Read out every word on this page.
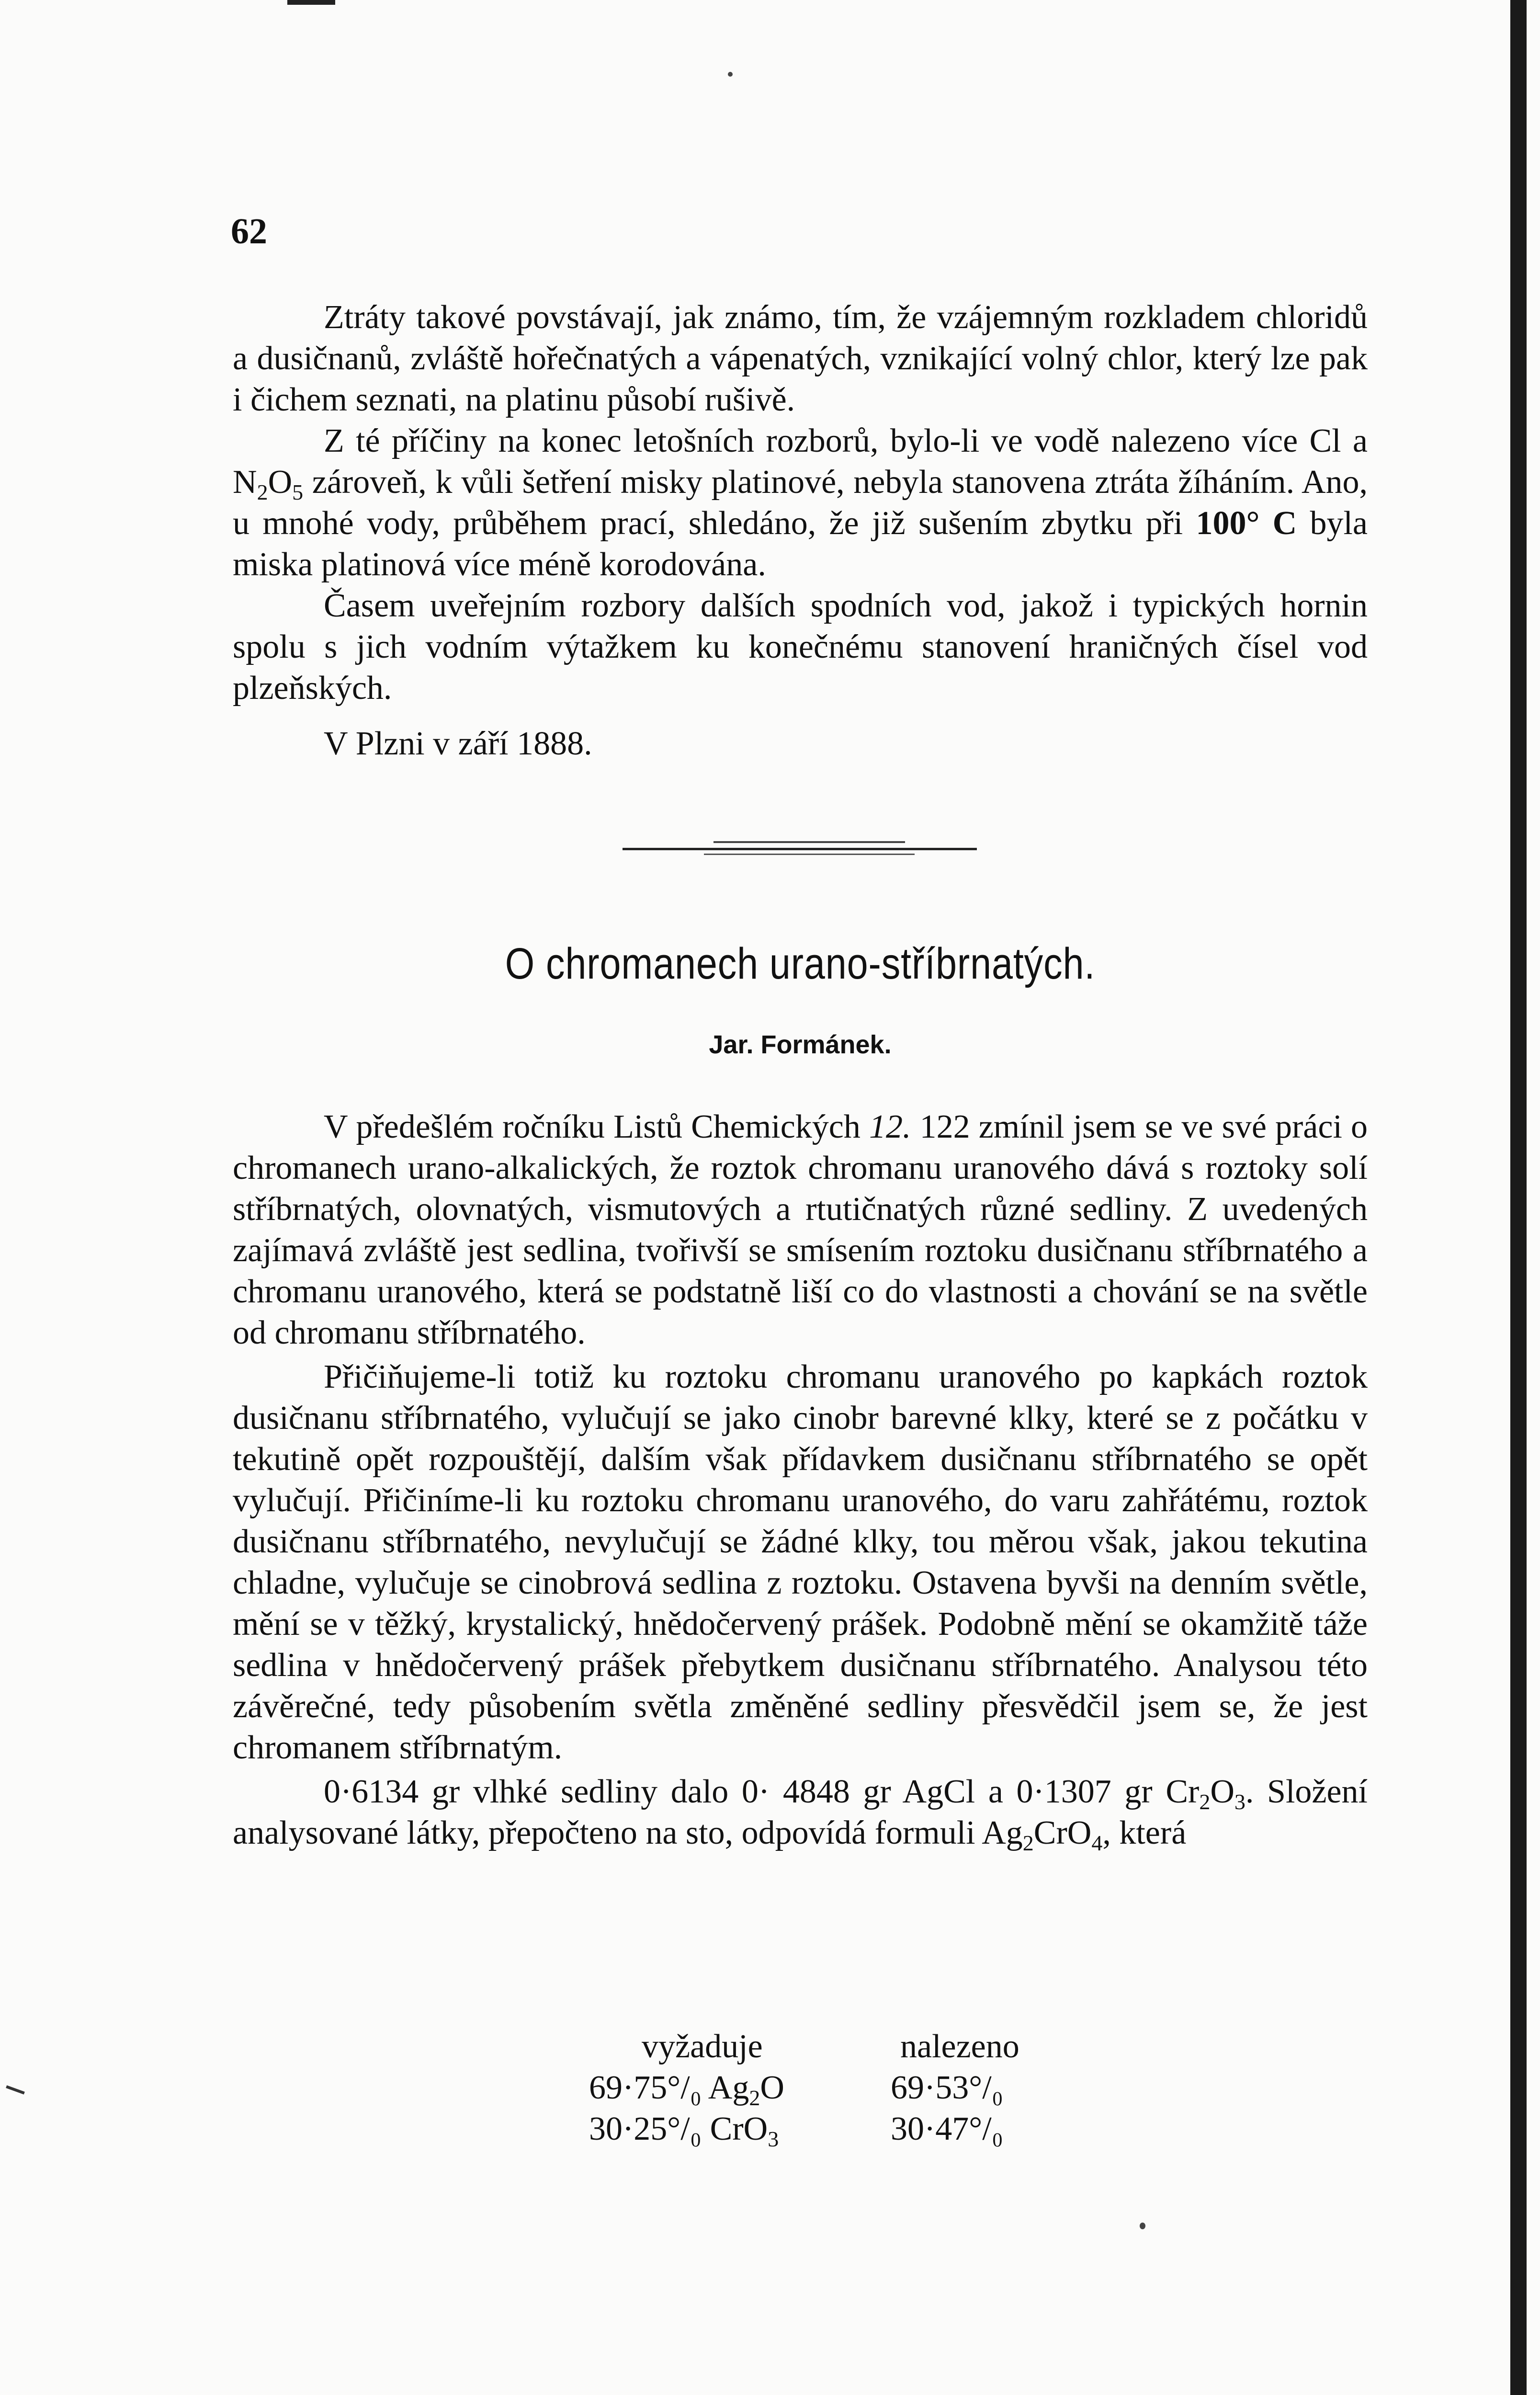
62

Ztráty takové povstávají, jak známo, tím, že vzájemným rozkladem chloridů a dusičnanů, zvláště hořečnatých a vápenatých, vznikající volný chlor, který lze pak i čichem seznati, na platinu působí rušivě.

Z té příčiny na konec letošních rozborů, bylo-li ve vodě nalezeno více Cl a $N_2O_5$ zároveň, k vůli šetření misky platinové, nebyla stanovena ztráta žíháním. Ano, u mnohé vody, průběhem prací, shledáno, že již sušením zbytku při 100° C byla miska platinová více méně korodována.

Časem uveřejním rozbory dalších spodních vod, jakož i typických hornin spolu s jich vodním výtažkem ku konečnému stanovení hraničných čísel vod plzeňských.

V Plzni v září 1888.

O chromanech urano-stříbrnatých.
Jar. Formánek.

V předešlém ročníku Listů Chemických 12. 122 zmínil jsem se ve své práci o chromanech urano-alkalických, že roztok chromanu uranového dává s roztoky solí stříbrnatých, olovnatých, vismutových a rtutičnatých různé sedliny. Z uvedených zajímavá zvláště jest sedlina, tvořivší se smísením roztoku dusičnanu stříbrnatého a chromanu uranového, která se podstatně liší co do vlastnosti a chování se na světle od chromanu stříbrnatého.

Přičiňujeme-li totiž ku roztoku chromanu uranového po kapkách roztok dusičnanu stříbrnatého, vylučují se jako cinobr barevné klky, které se z počátku v tekutině opět rozpouštějí, dalším však přídavkem dusičnanu stříbrnatého se opět vylučují. Přičiníme-li ku roztoku chromanu uranového, do varu zahřátému, roztok dusičnanu stříbrnatého, nevylučují se žádné klky, tou měrou však, jakou tekutina chladne, vylučuje se cinobrová sedlina z roztoku. Ostavena byvši na denním světle, mění se v těžký, krystalický, hnědočervený prášek. Podobně mění se okamžitě táže sedlina v hnědočervený prášek přebytkem dusičnanu stříbrnatého. Analysou této závěrečné, tedy působením světla změněné sedliny přesvědčil jsem se, že jest chromanem stříbrnatým.

0·6134 gr vlhké sedliny dalo 0· 4848 gr AgCl a 0·1307 gr $Cr_2O_3$. Složení analysované látky, přepočteno na sto, odpovídá formuli $Ag_2CrO_4$, která

vyžaduje	nalezeno
69·75°/₀ $Ag_2O$	69·53°/₀
30·25°/₀ CrO$_3$	30·47°/₀
